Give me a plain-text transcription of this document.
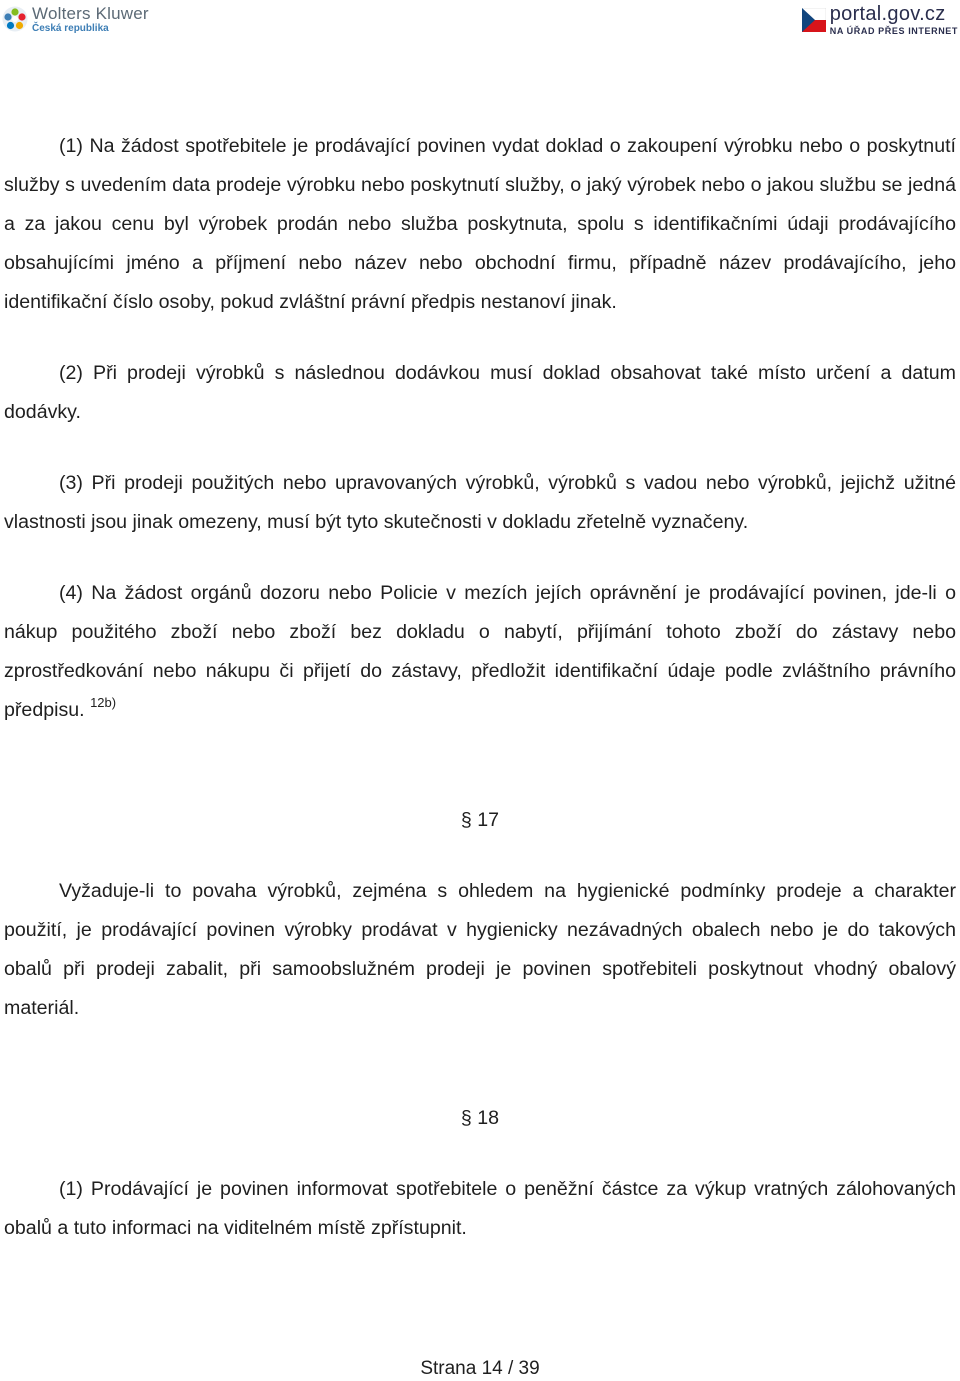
Wolters Kluwer
Česká republika
portal.gov.cz
NA ÚŘAD PŘES INTERNET

(1) Na žádost spotřebitele je prodávající povinen vydat doklad o zakoupení výrobku nebo o poskytnutí služby s uvedením data prodeje výrobku nebo poskytnutí služby, o jaký výrobek nebo o jakou službu se jedná a za jakou cenu byl výrobek prodán nebo služba poskytnuta, spolu s identifikačními údaji prodávajícího obsahujícími jméno a příjmení nebo název nebo obchodní firmu, případně název prodávajícího, jeho identifikační číslo osoby, pokud zvláštní právní předpis nestanoví jinak.

(2) Při prodeji výrobků s následnou dodávkou musí doklad obsahovat také místo určení a datum dodávky.

(3) Při prodeji použitých nebo upravovaných výrobků, výrobků s vadou nebo výrobků, jejichž užitné vlastnosti jsou jinak omezeny, musí být tyto skutečnosti v dokladu zřetelně vyznačeny.

(4) Na žádost orgánů dozoru nebo Policie v mezích jejích oprávnění je prodávající povinen, jde-li o nákup použitého zboží nebo zboží bez dokladu o nabytí, přijímání tohoto zboží do zástavy nebo zprostředkování nebo nákupu či přijetí do zástavy, předložit identifikační údaje podle zvláštního právního předpisu. $^{12b)}$

§ 17

Vyžaduje-li to povaha výrobků, zejména s ohledem na hygienické podmínky prodeje a charakter použití, je prodávající povinen výrobky prodávat v hygienicky nezávadných obalech nebo je do takových obalů při prodeji zabalit, při samoobslužném prodeji je povinen spotřebiteli poskytnout vhodný obalový materiál.

§ 18

(1) Prodávající je povinen informovat spotřebitele o peněžní částce za výkup vratných zálohovaných obalů a tuto informaci na viditelném místě zpřístupnit.

Strana 14 / 39
